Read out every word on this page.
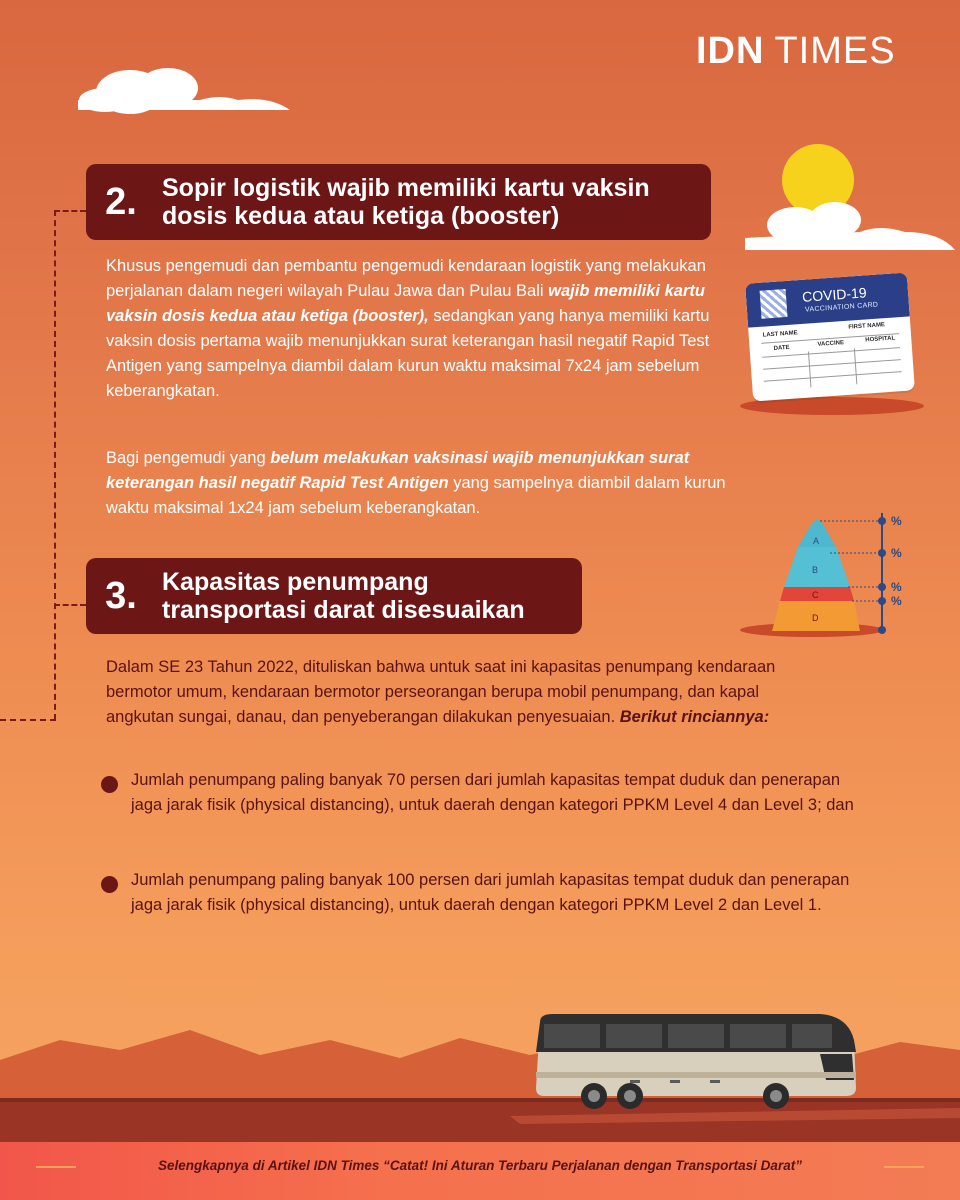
IDN TIMES
2.	Sopir logistik wajib memiliki kartu vaksin
dosis kedua atau ketiga (booster)
Khusus pengemudi dan pembantu pengemudi kendaraan logistik yang melakukan perjalanan dalam negeri wilayah Pulau Jawa dan Pulau Bali wajib memiliki kartu vaksin dosis kedua atau ketiga (booster), sedangkan yang hanya memiliki kartu vaksin dosis pertama wajib menunjukkan surat keterangan hasil negatif Rapid Test Antigen yang sampelnya diambil dalam kurun waktu maksimal 7x24 jam sebelum keberangkatan.
Bagi pengemudi yang belum melakukan vaksinasi wajib menunjukkan surat keterangan hasil negatif Rapid Test Antigen yang sampelnya diambil dalam kurun waktu maksimal 1x24 jam sebelum keberangkatan.
COVID-19
VACCINATION CARD
LAST NAME
FIRST NAME
DATE
VACCINE
HOSPITAL
A
B
C
D
%
%
%
%
3.	Kapasitas penumpang
transportasi darat disesuaikan
Dalam SE 23 Tahun 2022, dituliskan bahwa untuk saat ini kapasitas penumpang kendaraan bermotor umum, kendaraan bermotor perseorangan berupa mobil penumpang, dan kapal angkutan sungai, danau, dan penyeberangan dilakukan penyesuaian. Berikut rinciannya:
Jumlah penumpang paling banyak 70 persen dari jumlah kapasitas tempat duduk dan penerapan jaga jarak fisik (physical distancing), untuk daerah dengan kategori PPKM Level 4 dan Level 3; dan
Jumlah penumpang paling banyak 100 persen dari jumlah kapasitas tempat duduk dan penerapan jaga jarak fisik (physical distancing), untuk daerah dengan kategori PPKM Level 2 dan Level 1.
Selengkapnya di Artikel IDN Times “Catat! Ini Aturan Terbaru Perjalanan dengan Transportasi Darat”
